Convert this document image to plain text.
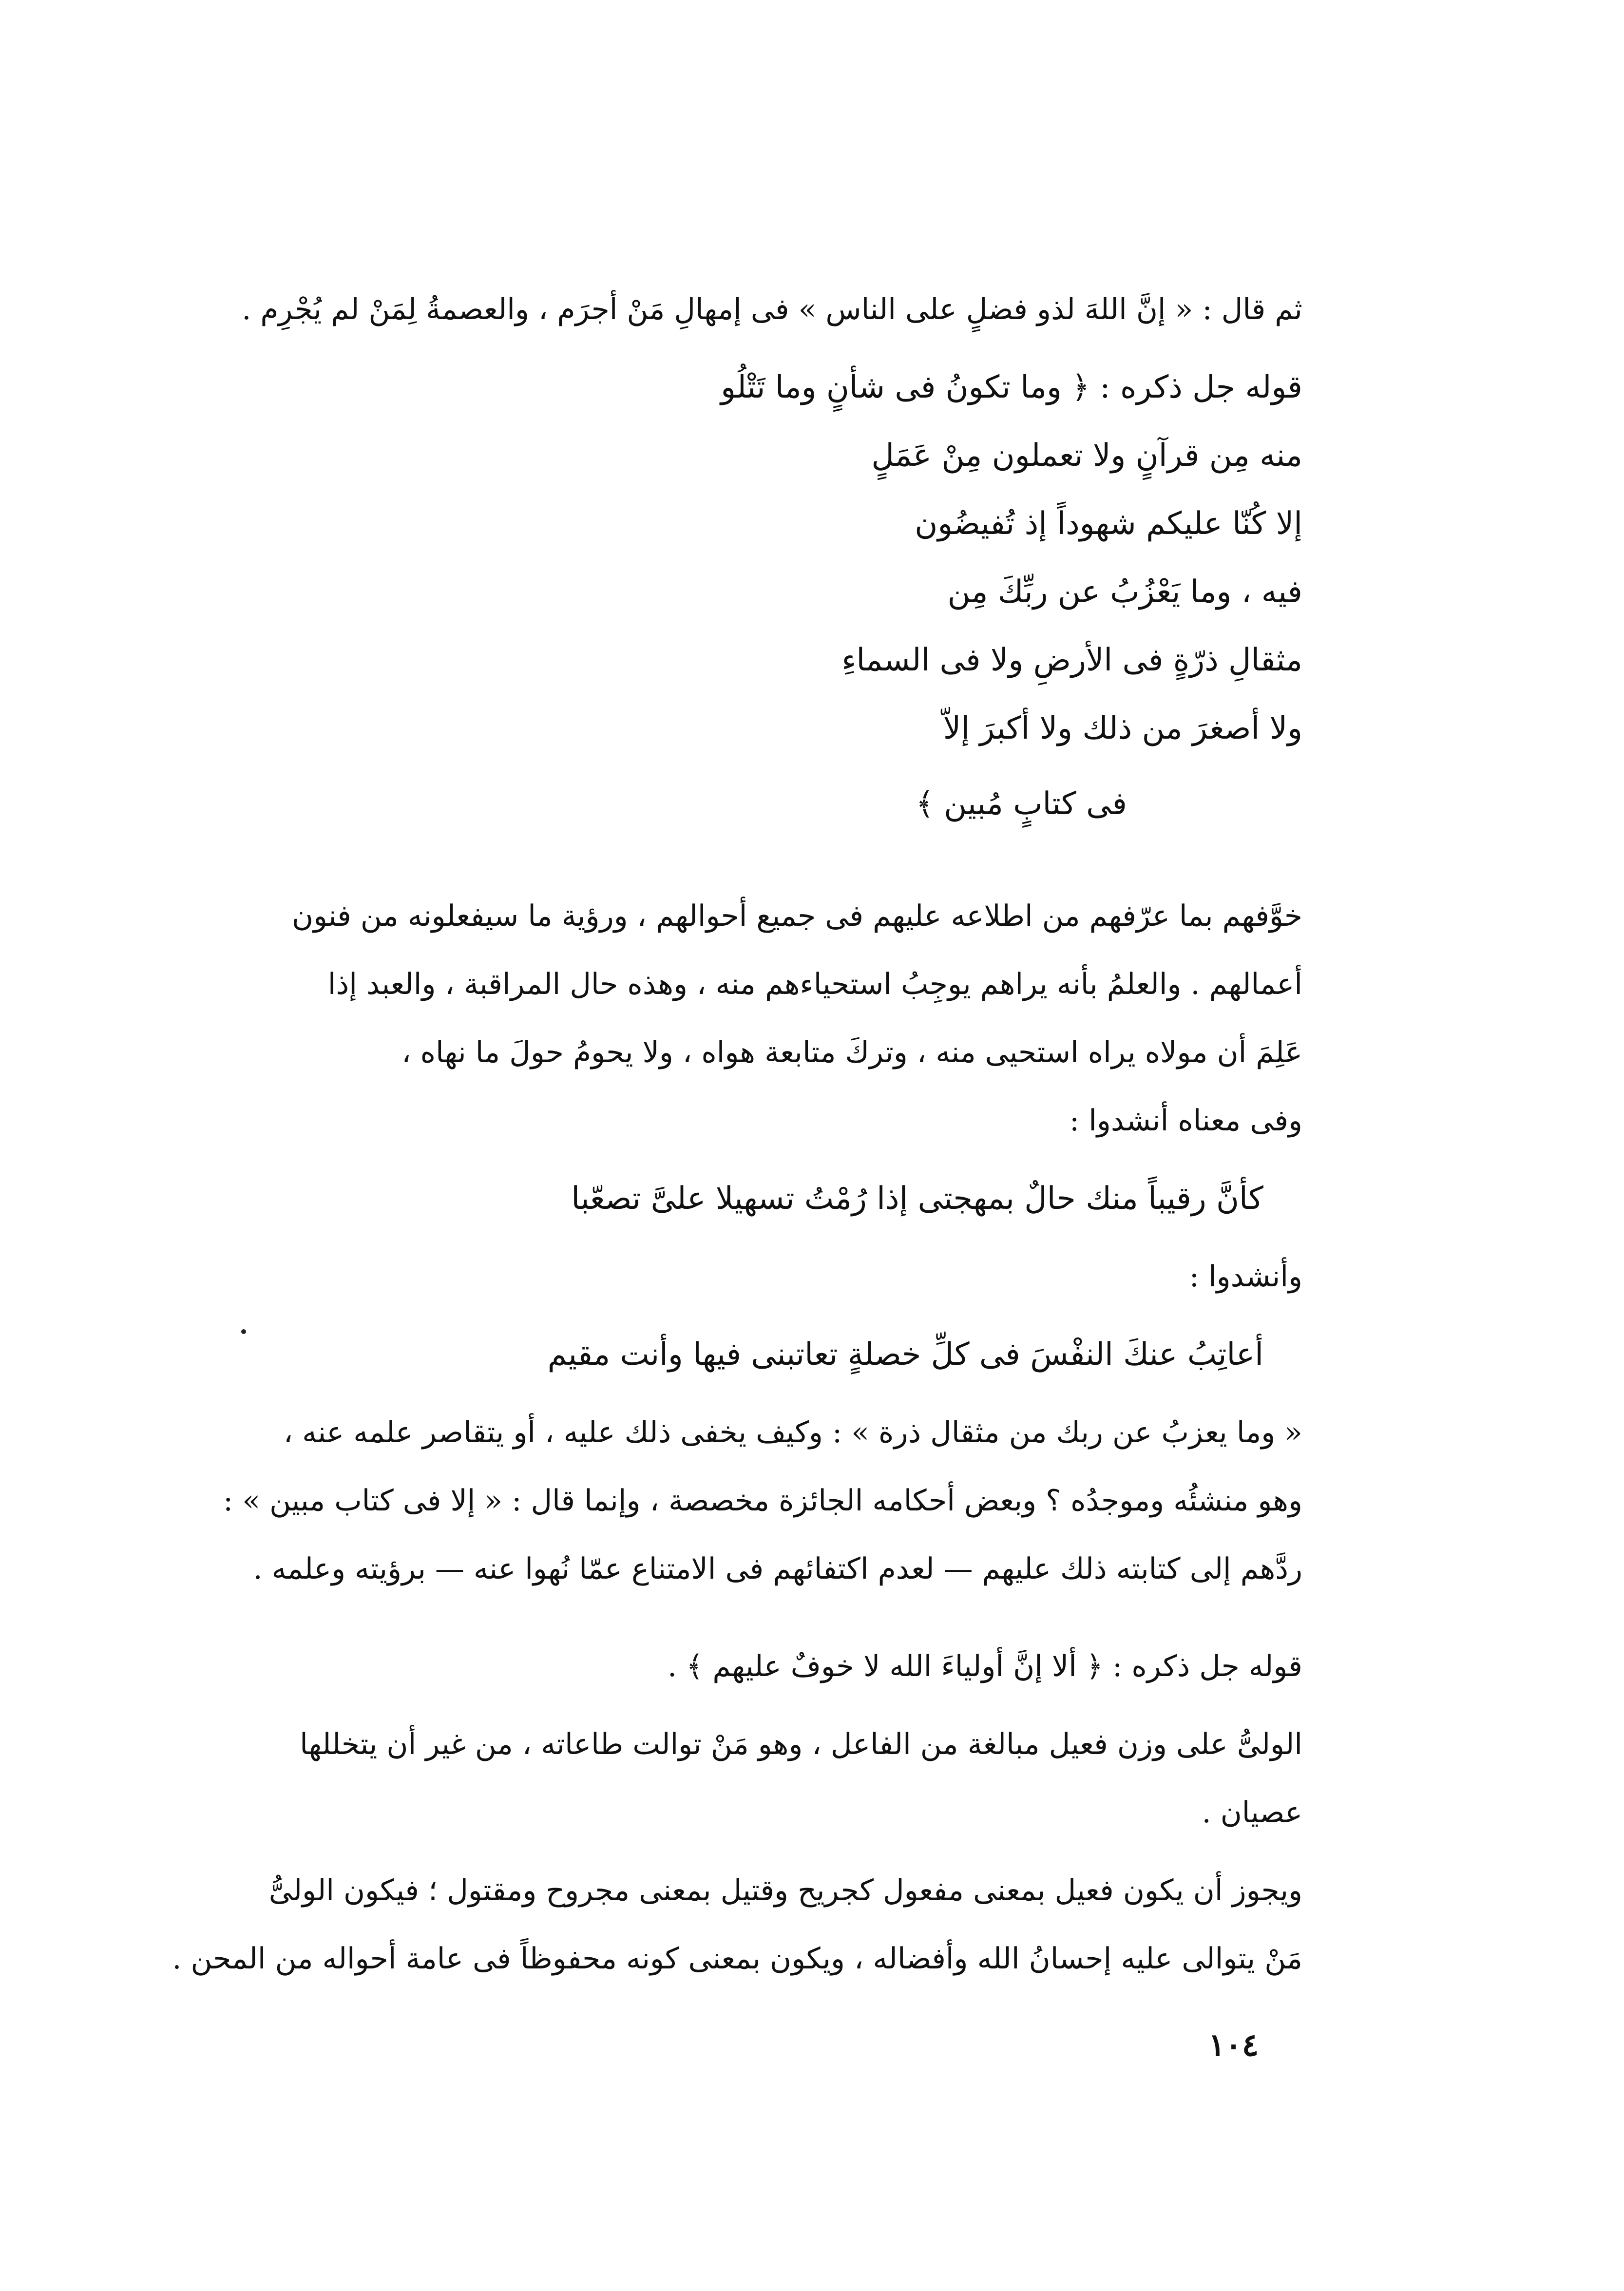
ثم قال : « إنَّ اللهَ لذو فضلٍ على الناس » فى إمهالِ مَنْ أجرَم ، والعصمةُ لِمَنْ لم يُجْرِم .
قوله جل ذكره : ﴿ وما تكونُ فى شأنٍ وما تَتْلُو
منه مِن قرآنٍ ولا تعملون مِنْ عَمَلٍ
إلا كُنّا عليكم شهوداً إذ تُفيضُون
فيه ، وما يَعْزُبُ عن ربِّكَ مِن
مثقالِ ذرّةٍ فى الأرضِ ولا فى السماءِ
ولا أصغرَ من ذلك ولا أكبرَ إلاّ
فى كتابٍ مُبين ﴾
خوَّفهم بما عرّفهم من اطلاعه عليهم فى جميع أحوالهم ، ورؤية ما سيفعلونه من فنون
أعمالهم . والعلمُ بأنه يراهم يوجِبُ استحياءهم منه ، وهذه حال المراقبة ، والعبد إذا
عَلِمَ أن مولاه يراه استحيى منه ، وتركَ متابعة هواه ، ولا يحومُ حولَ ما نهاه ،
وفى معناه أنشدوا :
كأنَّ رقيباً منك حالٌ بمهجتى إذا رُمْتُ تسهيلا علىَّ تصعّبا
وأنشدوا :
أعاتِبُ عنكَ النفْسَ فى كلِّ خصلةٍ تعاتبنى فيها وأنت مقيم
« وما يعزبُ عن ربك من مثقال ذرة » : وكيف يخفى ذلك عليه ، أو يتقاصر علمه عنه ،
وهو منشئُه وموجدُه ؟ وبعض أحكامه الجائزة مخصصة ، وإنما قال : « إلا فى كتاب مبين » :
ردَّهم إلى كتابته ذلك عليهم — لعدم اكتفائهم فى الامتناع عمّا نُهوا عنه — برؤيته وعلمه .
قوله جل ذكره : ﴿ ألا إنَّ أولياءَ الله لا خوفٌ عليهم ﴾ .
الولىُّ على وزن فعيل مبالغة من الفاعل ، وهو مَنْ توالت طاعاته ، من غير أن يتخللها
عصيان .
ويجوز أن يكون فعيل بمعنى مفعول كجريح وقتيل بمعنى مجروح ومقتول ؛ فيكون الولىُّ
مَنْ يتوالى عليه إحسانُ الله وأفضاله ، ويكون بمعنى كونه محفوظاً فى عامة أحواله من المحن .
١٠٤
